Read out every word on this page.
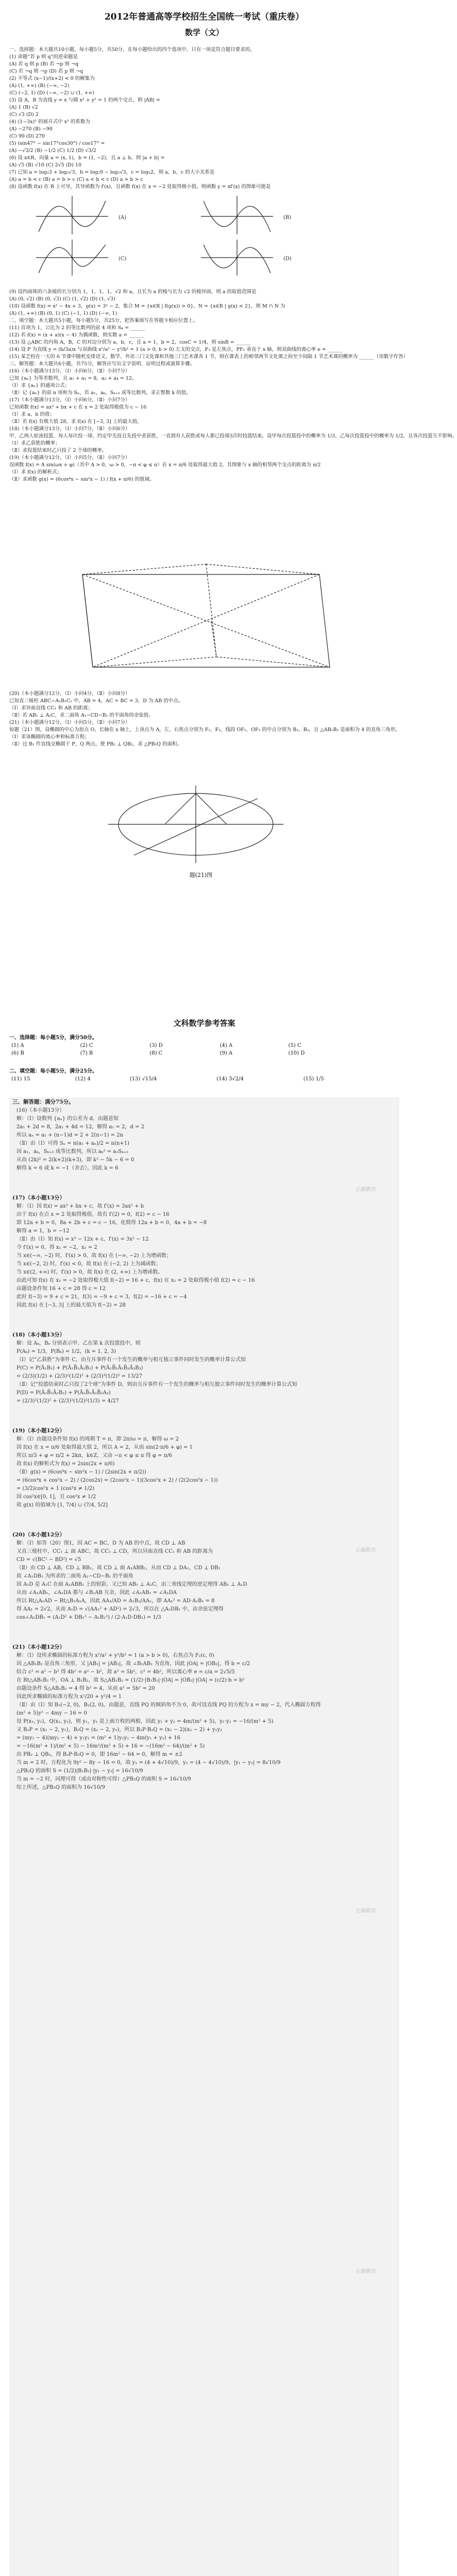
2012年普通高等学校招生全国统一考试（重庆卷）
数学（文）
一、选择题：本大题共10小题，每小题5分，共50分，在每小题给出的四个选项中，只有一项是符合题目要求的。
(1) 命题“若 p 则 q”的逆命题是
(A) 若 q 则 p (B) 若 ¬p 则 ¬q
(C) 若 ¬q 则 ¬p (D) 若 p 则 ¬q
(2) 不等式 (x−1)/(x+2) < 0 的解集为
(A) (1, +∞) (B) (−∞, −2)
(C) (−2, 1) (D) (−∞, −2) ∪ (1, +∞)
(3) 设 A，B 为直线 y = x 与圆 x² + y² = 1 的两个交点，则 |AB| =
(A) 1 (B) √2
(C) √3 (D) 2
(4) (1−3x)⁵ 的展开式中 x³ 的系数为
(A) −270 (B) −90
(C) 90 (D) 270
(5) (sin47° − sin17°cos30°) / cos17° =
(A) −√3/2 (B) −1/2 (C) 1/2 (D) √3/2
(6) 设 x∈R，向量 a = (x, 1)，b = (1, −2)，且 a ⊥ b，则 |a + b| =
(A) √5 (B) √10 (C) 2√5 (D) 10
(7) 已知 a = log₂3 + log₂√3，b = log₂9 − log₂√3，c = log₃2，则 a，b，c 的大小关系是
(A) a = b < c (B) a = b > c (C) a < b < c (D) a > b > c
(8) 设函数 f(x) 在 R 上可导，其导函数为 f′(x)，且函数 f(x) 在 x = −2 处取得极小值，则函数 y = xf′(x) 的图象可能是
(A)	(B)
(C)	(D)
(9) 设四面体的六条棱的长分别为 1，1，1，1，√2 和 a，且长为 a 的棱与长为 √2 的棱异面，则 a 的取值范围是
(A) (0, √2) (B) (0, √3) (C) (1, √2) (D) (1, √3)
(10) 设函数 f(x) = x² − 4x + 3，g(x) = 3ˣ − 2，集合 M = {x∈R | f(g(x)) > 0}，N = {x∈R | g(x) < 2}，则 M ∩ N 为
(A) (1, +∞) (B) (0, 1) (C) (−1, 1) (D) (−∞, 1)
二、填空题：本大题共5小题，每小题5分，共25分，把答案填写在答题卡相应位置上。
(11) 首项为 1，公比为 2 的等比数列的前 4 项和 S₄ = ______
(12) 若 f(x) = (x + a)(x − 4) 为偶函数，则实数 a = ______
(13) 设 △ABC 的内角 A，B，C 的对边分别为 a，b，c，且 a = 1，b = 2，cosC = 1/4，则 sinB = ______
(14) 设 P 为直线 y = (b/3a)x 与双曲线 x²/a² − y²/b² = 1 (a > 0, b > 0) 左支的交点，F₁ 是左焦点，PF₁ 垂直于 x 轴，则双曲线的离心率 e = ______
(15) 某艺校在一天的 6 节课中随机安排语文、数学、外语三门文化课和其他三门艺术课各 1 节，则在课表上的相邻两节文化课之间至少间隔 1 节艺术课的概率为 ______（用数字作答）
三、解答题：本大题共6小题，共75分，解答应写出文字说明、证明过程或演算步骤。
(16)（本小题满分13分，（Ⅰ）小问6分，（Ⅱ）小问7分）
已知 {aₙ} 为等差数列，且 a₁ + a₃ = 8，a₂ + a₄ = 12。
（Ⅰ）求 {aₙ} 的通项公式；
（Ⅱ）记 {aₙ} 的前 n 项和为 Sₙ，若 a₁，aₖ，Sₖ₊₂ 成等比数列，求正整数 k 的值。
(17)（本小题满分13分，（Ⅰ）小问6分，（Ⅱ）小问7分）
已知函数 f(x) = ax³ + bx + c 在 x = 2 处取得极值为 c − 16
（Ⅰ）求 a、b 的值；
（Ⅱ）若 f(x) 有极大值 28，求 f(x) 在 [−3, 3] 上的最大值。
(18)（本小题满分13分，（Ⅰ）小问7分，（Ⅱ）小问6分）
甲、乙两人轮流投篮，每人每次投一球，约定甲先投且先投中者获胜，一直到有人获胜或每人都已投球3次时投篮结束，设甲每次投篮投中的概率为 1/3，乙每次投篮投中的概率为 1/2，且各次投篮互不影响。
（Ⅰ）求乙获胜的概率；
（Ⅱ）求投篮结束时乙只投了 2 个球的概率。
(19)（本小题满分12分，（Ⅰ）小问5分，（Ⅱ）小问7分）
设函数 f(x) = A sin(ωx + φ)（其中 A > 0，ω > 0，−π < φ ≤ π）在 x = π/6 处取得最大值 2，其图象与 x 轴的相邻两个交点的距离为 π/2
（Ⅰ）求 f(x) 的解析式；
（Ⅱ）求函数 g(x) = (6cos⁴x − sin²x − 1) / f(x + π/6) 的值域。
(20)（本小题满分12分，（Ⅰ）小问4分，（Ⅱ）小问8分）
已知直三棱柱 ABC−A₁B₁C₁ 中，AB = 4，AC = BC = 3，D 为 AB 的中点。
（Ⅰ）求异面直线 CC₁ 和 AB 的距离；
（Ⅱ）若 AB₁ ⊥ A₁C，求二面角 A₁−CD−B₁ 的平面角的余弦值。
(21)（本小题满分12分，（Ⅰ）小问5分，（Ⅱ）小问7分）
如题（21）图，设椭圆的中心为原点 O，长轴在 x 轴上，上顶点为 A，左、右焦点分别为 F₁，F₂，线段 OF₁，OF₂ 的中点分别为 B₁，B₂，且 △AB₁B₂ 是面积为 4 的直角三角形。
（Ⅰ）求该椭圆的离心率和标准方程；
（Ⅱ）过 B₁ 作直线交椭圆于 P，Q 两点，使 PB₂ ⊥ QB₂，求 △PB₂Q 的面积。
题(21)图
文科数学参考答案
一、选择题：每小题5分，满分50分。
(1) A	(2) C	(3) D	(4) A	(5) C
(6) B	(7) B	(8) C	(9) A	(10) D
二、填空题：每小题5分，满分25分。
(11) 15	(12) 4	(13) √15/4	(14) 3√2/4	(15) 1/5
三、解答题：满分75分。
(16)（本小题13分）
解：（Ⅰ）设数列 {aₙ} 的公差为 d，由题意知
2a₁ + 2d = 8，2a₁ + 4d = 12，解得 a₁ = 2，d = 2
所以 aₙ = a₁ + (n−1)d = 2 + 2(n−1) = 2n
（Ⅱ）由（Ⅰ）可得 Sₙ = n(a₁ + aₙ)/2 = n(n+1)
因 a₁，aₖ，Sₖ₊₂ 成等比数列，所以 aₖ² = a₁Sₖ₊₂
从而 (2k)² = 2(k+2)(k+3)，即 k² − 5k − 6 = 0
解得 k = 6 或 k = −1（舍去），因此 k = 6
(17)（本小题13分）
解：（Ⅰ）因 f(x) = ax³ + bx + c，故 f′(x) = 3ax² + b
由于 f(x) 在点 x = 2 处取得极值，故有 f′(2) = 0，f(2) = c − 16
即 12a + b = 0，8a + 2b + c = c − 16，化简得 12a + b = 0，4a + b = −8
解得 a = 1，b = −12
（Ⅱ）由（Ⅰ）知 f(x) = x³ − 12x + c，f′(x) = 3x² − 12
令 f′(x) = 0，得 x₁ = −2，x₂ = 2
当 x∈(−∞, −2) 时，f′(x) > 0，故 f(x) 在 (−∞, −2) 上为增函数；
当 x∈(−2, 2) 时，f′(x) < 0，故 f(x) 在 (−2, 2) 上为减函数；
当 x∈(2, +∞) 时，f′(x) > 0，故 f(x) 在 (2, +∞) 上为增函数。
由此可知 f(x) 在 x₁ = −2 处取得极大值 f(−2) = 16 + c，f(x) 在 x₂ = 2 处取得极小值 f(2) = c − 16
由题设条件知 16 + c = 28 得 c = 12
此时 f(−3) = 9 + c = 21，f(3) = −9 + c = 3，f(2) = −16 + c = −4
因此 f(x) 在 [−3, 3] 上的最大值为 f(−2) = 28
(18)（本小题13分）
解：设 Aₖ，Bₖ 分别表示甲、乙在第 k 次投篮投中，则
P(Aₖ) = 1/3，P(Bₖ) = 1/2，(k = 1, 2, 3)
（Ⅰ）记“乙获胜”为事件 C，由互斥事件有一个发生的概率与相互独立事件同时发生的概率计算公式知
P(C) = P(Ā₁B₁) + P(Ā₁B̄₁Ā₂B₂) + P(Ā₁B̄₁Ā₂B̄₂Ā₃B₃)
= (2/3)(1/2) + (2/3)²(1/2)² + (2/3)³(1/2)³ = 13/27
（Ⅱ）记“投篮结束时乙只投了2个球”为事件 D，则由互斥事件有一个发生的概率与相互独立事件同时发生的概率计算公式知
P(D) = P(Ā₁B̄₁Ā₂B₂) + P(Ā₁B̄₁Ā₂B̄₂A₃)
= (2/3)²(1/2)² + (2/3)²(1/2)²(1/3) = 4/27
(19)（本小题12分）
解：（Ⅰ）由题设条件知 f(x) 的周期 T = π，即 2π/ω = π，解得 ω = 2
因 f(x) 在 x = π/6 处取得最大值 2，所以 A = 2，从而 sin(2·π/6 + φ) = 1
所以 π/3 + φ = π/2 + 2kπ，k∈Z，又由 −π < φ ≤ π 得 φ = π/6
故 f(x) 的解析式为 f(x) = 2sin(2x + π/6)
（Ⅱ）g(x) = (6cos⁴x − sin²x − 1) / (2sin(2x + π/2))
= (6cos⁴x + cos²x − 2) / (2cos2x) = (2cos²x − 1)(3cos²x + 2) / (2(2cos²x − 1))
= (3/2)cos²x + 1 (cos²x ≠ 1/2)
因 cos²x∈[0, 1]，且 cos²x ≠ 1/2
故 g(x) 的值域为 [1, 7/4) ∪ (7/4, 5/2]
(20)（本小题12分）
解：（Ⅰ）如答（20）图1，因 AC = BC，D 为 AB 的中点，故 CD ⊥ AB
又直三棱柱中，CC₁ ⊥ 面 ABC，故 CC₁ ⊥ CD，所以异面直线 CC₁ 和 AB 的距离为
CD = √(BC² − BD²) = √5
（Ⅱ）由 CD ⊥ AB，CD ⊥ BB₁，故 CD ⊥ 面 A₁ABB₁，从而 CD ⊥ DA₁，CD ⊥ DB₁
故 ∠A₁DB₁ 为所求的二面角 A₁−CD−B₁ 的平面角
因 A₁D 是 A₁C 在面 A₁ABB₁ 上的射影，又已知 AB₁ ⊥ A₁C，由三垂线定理的逆定理得 AB₁ ⊥ A₁D
从而 ∠A₁AB₁，∠A₁DA 都与 ∠B₁AB 互余，因此 ∠A₁AB₁ = ∠A₁DA
所以 Rt△A₁AD ∽ Rt△B₁A₁A，因此 AA₁/AD = A₁B₁/AA₁，即 AA₁² = AD·A₁B₁ = 8
得 AA₁ = 2√2，从而 A₁D = √(AA₁² + AD²) = 2√3，所以在 △A₁DB₁ 中，由余弦定理得
cos∠A₁DB₁ = (A₁D² + DB₁² − A₁B₁²) / (2·A₁D·DB₁) = 1/3
(21)（本小题12分）
解：（Ⅰ）设所求椭圆的标准方程为 x²/a² + y²/b² = 1 (a > b > 0)，右焦点为 F₂(c, 0)
因 △AB₁B₂ 是直角三角形，又 |AB₁| = |AB₂|，故 ∠B₁AB₂ 为直角，因此 |OA| = |OB₂|，得 b = c/2
结合 c² = a² − b² 得 4b² = a² − b²，故 a² = 5b²，c² = 4b²，所以离心率 e = c/a = 2√5/5
在 Rt△AB₁B₂ 中，OA ⊥ B₁B₂，故 S△AB₁B₂ = (1/2)·|B₁B₂|·|OA| = |OB₂|·|OA| = (c/2)·b = b²
由题设条件 S△AB₁B₂ = 4 得 b² = 4，从而 a² = 5b² = 20
因此所求椭圆的标准方程为 x²/20 + y²/4 = 1
（Ⅱ）由（Ⅰ）知 B₁(−2, 0)，B₂(2, 0)，由题意，直线 PQ 的倾斜角不为 0，故可设直线 PQ 的方程为 x = my − 2，代入椭圆方程得
(m² + 5)y² − 4my − 16 = 0
设 P(x₁, y₁)，Q(x₂, y₂)，则 y₁，y₂ 是上面方程的两根，因此 y₁ + y₂ = 4m/(m² + 5)，y₁·y₂ = −16/(m² + 5)
又 B₂P = (x₁ − 2, y₁)，B₂Q = (x₂ − 2, y₂)，所以 B₂P·B₂Q = (x₁ − 2)(x₂ − 2) + y₁y₂
= (my₁ − 4)(my₂ − 4) + y₁y₂ = (m² + 1)y₁y₂ − 4m(y₁ + y₂) + 16
= −16(m² + 1)/(m² + 5) − 16m²/(m² + 5) + 16 = −(16m² − 64)/(m² + 5)
由 PB₂ ⊥ QB₂，得 B₂P·B₂Q = 0，即 16m² − 64 = 0，解得 m = ±2
当 m = 2 时，方程化为 9y² − 8y − 16 = 0，故 y₁ = (4 + 4√10)/9，y₂ = (4 − 4√10)/9，|y₁ − y₂| = 8√10/9
△PB₂Q 的面积 S = (1/2)|B₁B₂|·|y₁ − y₂| = 16√10/9
当 m = −2 时，同理可得（或由对称性可得）△PB₂Q 的面积 S = 16√10/9
综上所述，△PB₂Q 的面积为 16√10/9
正确教育
正确教育
正确教育
正确教育
